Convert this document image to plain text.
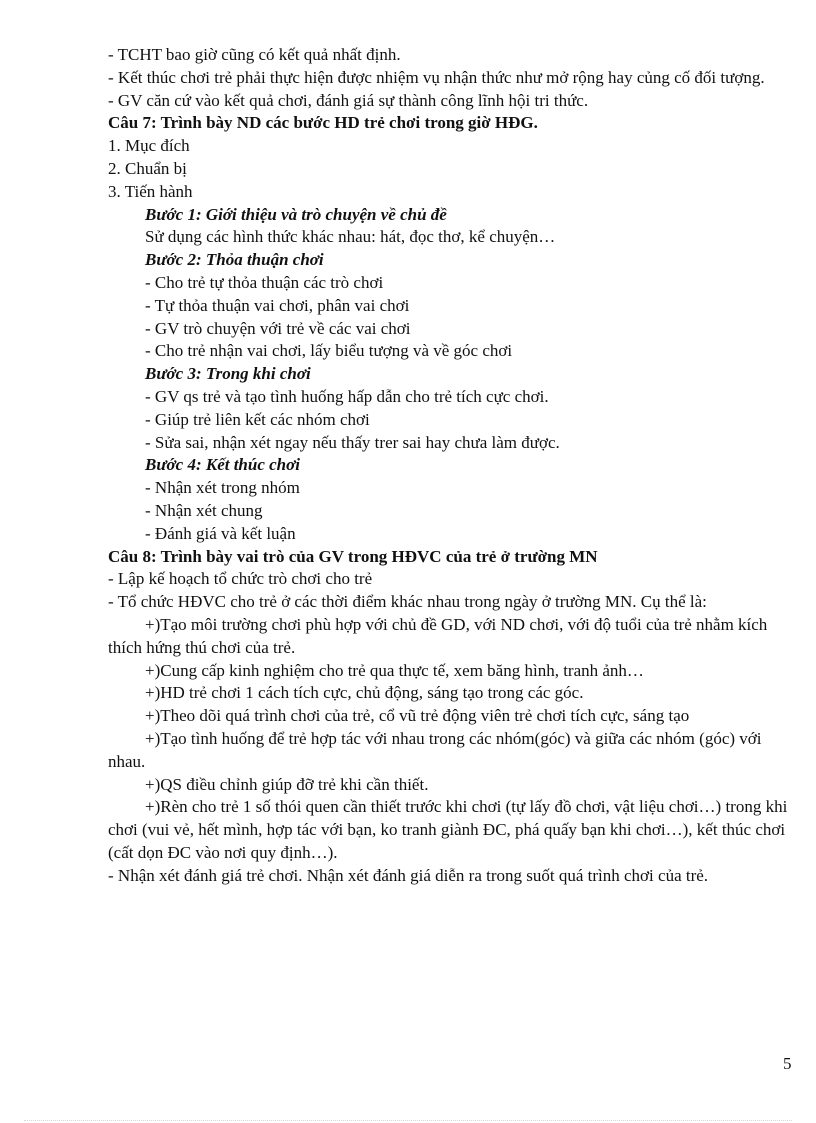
- TCHT bao giờ cũng có kết quả nhất định.
- Kết thúc chơi trẻ phải thực hiện được nhiệm vụ nhận thức như mở rộng hay củng cố đối tượng.
- GV căn cứ vào kết quả chơi, đánh giá sự thành công lĩnh hội tri thức.
Câu 7: Trình bày ND các bước HD trẻ chơi trong giờ HĐG.
1. Mục đích
2. Chuẩn bị
3. Tiến hành
Bước 1: Giới thiệu và trò chuyện về chủ đề
Sử dụng các hình thức khác nhau: hát, đọc thơ, kể chuyện…
Bước 2: Thỏa thuận chơi
- Cho trẻ tự thỏa thuận các trò chơi
- Tự thỏa thuận vai chơi, phân vai chơi
- GV trò chuyện với trẻ về các vai chơi
- Cho trẻ nhận vai chơi, lấy biểu tượng và về góc chơi
Bước 3: Trong khi chơi
- GV qs trẻ và tạo tình huống hấp dẫn cho trẻ tích cực chơi.
- Giúp trẻ liên kết các nhóm chơi
- Sửa sai, nhận xét ngay nếu thấy trer sai hay chưa làm được.
Bước 4: Kết thúc chơi
- Nhận xét trong nhóm
- Nhận xét chung
- Đánh giá và kết luận
Câu 8: Trình bày vai trò của GV trong HĐVC của trẻ ở trường MN
- Lập kế hoạch tổ chức trò chơi cho trẻ
- Tổ chức HĐVC cho trẻ ở các thời điểm khác nhau trong ngày ở trường MN. Cụ thể là:
+)Tạo môi trường chơi phù hợp với chủ đề GD, với ND chơi, với độ tuổi của trẻ nhằm kích thích hứng thú chơi của trẻ.
+)Cung cấp kinh nghiệm cho trẻ qua thực tế, xem băng hình, tranh ảnh…
+)HD trẻ chơi 1 cách tích cực, chủ động, sáng tạo trong các góc.
+)Theo dõi quá trình chơi của trẻ, cổ vũ trẻ động viên trẻ chơi tích cực, sáng tạo
+)Tạo tình huống để trẻ hợp tác với nhau trong các nhóm(góc) và giữa các nhóm (góc) với nhau.
+)QS điều chỉnh giúp đỡ trẻ khi cần thiết.
+)Rèn cho trẻ 1 số thói quen cần thiết trước khi chơi (tự lấy đồ chơi, vật liệu chơi…) trong khi chơi (vui vẻ, hết mình, hợp tác với bạn, ko tranh giành ĐC, phá quấy bạn khi chơi…), kết thúc chơi (cất dọn ĐC vào nơi quy định…).
- Nhận xét đánh giá trẻ chơi. Nhận xét đánh giá diễn ra trong suốt quá trình chơi của trẻ.
5
